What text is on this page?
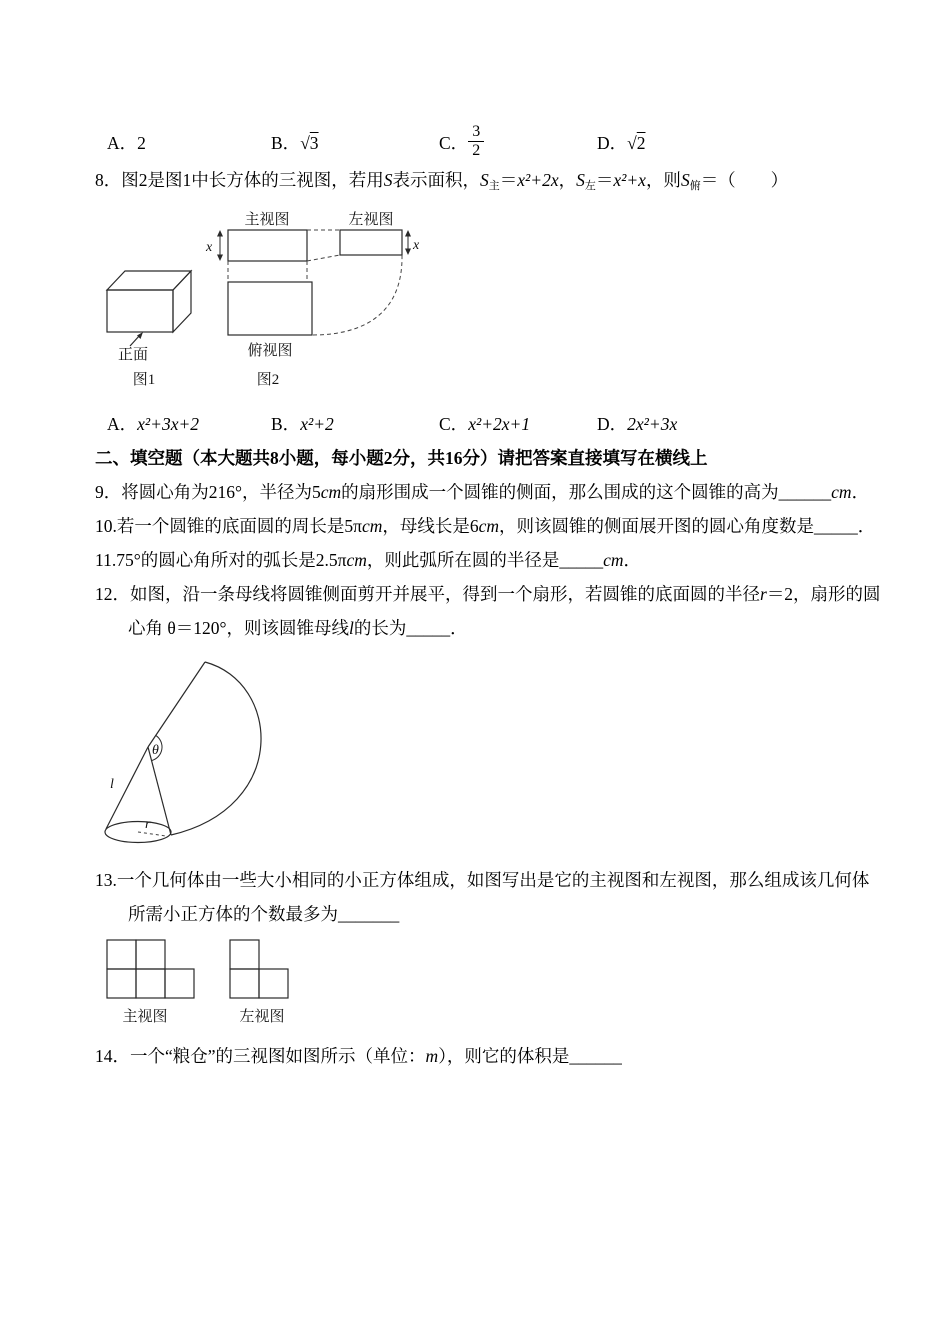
A．2	B．√3	C． $\frac{3}{2}$	D．√2

8．图2是图1中长方体的三视图，若用S表示面积，S主＝x²+2x，S左＝x²+x，则S俯＝（　　）

正面
图1
主视图	左视图
x	x
俯视图
图2
A．x²+3x+2	B．x²+2	C．x²+2x+1	D．2x²+3x

二、填空题（本大题共8小题，每小题2分，共16分）请把答案直接填写在横线上

9．将圆心角为216°，半径为5cm的扇形围成一个圆锥的侧面，那么围成的这个圆锥的高为______cm．

10.若一个圆锥的底面圆的周长是5πcm，母线长是6cm，则该圆锥的侧面展开图的圆心角度数是_____．

11.75°的圆心角所对的弧长是2.5πcm，则此弧所在圆的半径是_____cm．

12．如图，沿一条母线将圆锥侧面剪开并展平，得到一个扇形，若圆锥的底面圆的半径r＝2，扇形的圆心角 θ＝120°，则该圆锥母线l的长为_____．

θ
l
r

13.一个几何体由一些大小相同的小正方体组成，如图写出是它的主视图和左视图，那么组成该几何体所需小正方体的个数最多为_______

主视图	左视图

14．一个“粮仓”的三视图如图所示（单位：m），则它的体积是______
